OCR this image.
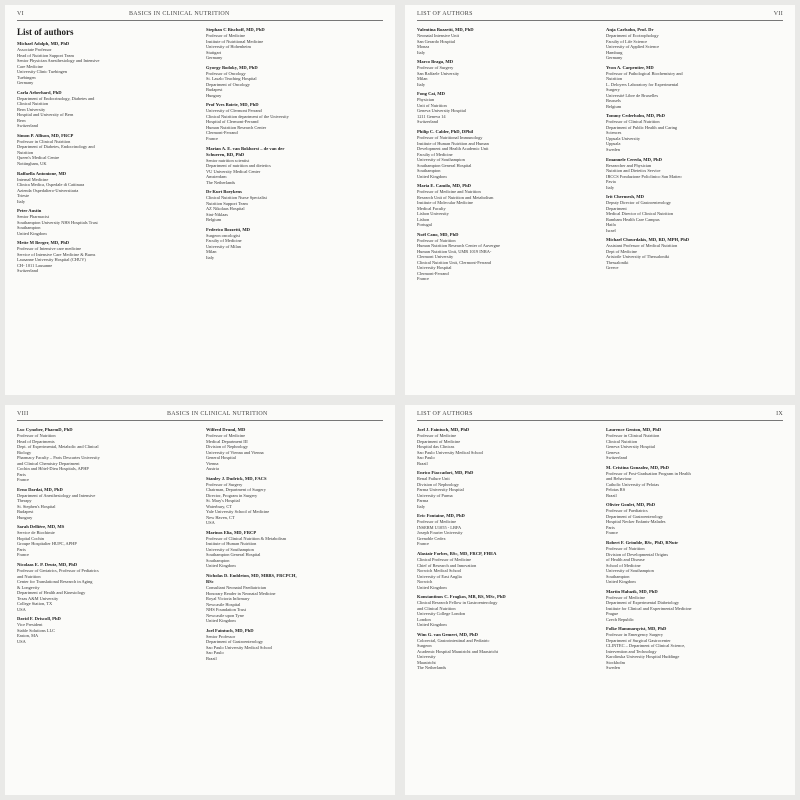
VI	BASICS IN CLINICAL NUTRITION
List of authors
Michael Adolph, MD, PhD
Associate Professor
Head of Nutrition Support Team
Senior Physician Anesthesiology and Intensive
Care Medicine
University Clinic Tuebingen
Tuebingen
Germany
Carla Aeberhard, PhD
Department of Endocrinology, Diabetes and
Clinical Nutrition
Bern University
Hospital and University of Bern
Bern
Switzerland
Simon P. Allison, MD, FRCP
Professor in Clinical Nutrition
Department of Diabetes, Endocrinology and
Nutrition
Queen's Medical Centre
Nottingham, UK
Raffaella Antonione, MD
Internal Medicine
Clinica Medica, Ospedale di Cattinara
Azienda Ospedaliero-Universitaria
Trieste
Italy
Peter Austin
Senior Pharmacist
Southampton University NHS Hospitals Trust
Southampton
United Kingdom
Mette M Berger, MD, PhD
Professor of Intensive care medicine
Service of Intensive Care Medicine & Burns
Lausanne University Hospital (CHUV)
CH- 1011 Lausanne
Switzerland
Stephan C Bischoff, MD, PhD
Professor of Medicine
Institute of Nutritional Medicine
University of Hohenheim
Stuttgart
Germany
Gyorgy Bodoky, MD, PhD
Professor of Oncology
St. Laszlo Teaching Hospital
Department of Oncology
Budapest
Hungary
Prof Yves Boirie, MD, PhD
University of Clermont Ferrand
Clinical Nutrition department of the University
Hospital of Clermont-Ferrand
Human Nutrition Research Center
Clermont-Ferrand
France
Marian A. E. van Bokhorst – de van der
Schueren, RD, PhD
Senior nutrition scientist
Department of nutrition and dietetics
VU University Medical Center
Amsterdam
The Netherlands
Dr Kurt Boeykens
Clinical Nutrition Nurse Specialist
Nutrition Support Team
AZ Nikolaas Hospital
Sint-Niklaas
Belgium
Federico Bozzetti, MD
Surgeon oncologist
Faculty of Medicine
University of Milan
Milan
Italy
LIST OF AUTHORS	VII
Valentina Bozzetti, MD, PhD
Neonatal Intensive Unit
San Gerardo Hospital
Monza
Italy
Marco Braga, MD
Professor of Surgery
San Raffaele University
Milan
Italy
Fong Cai, MD
Physician
Unit of Nutrition
Geneva University Hospital
1211 Geneva 14
Switzerland
Philip C. Calder, PhD, DPhil
Professor of Nutritional Immunology
Institute of Human Nutrition and Human
Development and Health Academic Unit
Faculty of Medicine
University of Southampton
Southampton General Hospital
Southampton
United Kingdom
Maria E. Camilo, MD, PhD
Professor of Medicine and Nutrition
Research Unit of Nutrition and Metabolism
Institute of Molecular Medicine
Medical Faculty
Lisbon University
Lisbon
Portugal
Noël Cano, MD, PhD
Professor of Nutrition
Human Nutrition Research Center of Auvergne
Human Nutrition Unit, UMR 1019 INRA-
Clermont University
Clinical Nutrition Unit, Clermont-Ferrand
University Hospital
Clermont-Ferrand
France
Anja Carlsohn, Prof. Dr
Department of Ecotrophology
Faculty of Life Science
University of Applied Science
Hamburg
Germany
Yvon A. Carpentier, MD
Professor of Pathological Biochemistry and
Nutrition
L. Deloyers Laboratory for Experimental
Surgery
Université Libre de Bruxelles
Brussels
Belgium
Tommy Cederholm, MD, PhD
Professor of Clinical Nutrition
Department of Public Health and Caring
Sciences
Uppsala University
Uppsala
Sweden
Emanuele Cereda, MD, PhD
Researcher and Physician
Nutrition and Dietetics Service
IRCCS Fondazione Policlinico San Matteo
Pavia
Italy
Irit Chermesh, MD
Deputy Director of Gastroenterology
Department
Medical Director of Clinical Nutrition
Rambam Health Care Campus
Haifa
Israel
Michael Chourdakis, MD, RD, MPH, PhD
Assistant Professor of Medical Nutrition
Dept of Medicine
Aristotle University of Thessaloniki
Thessaloniki
Greece
VIII	BASICS IN CLINICAL NUTRITION
Luc Cynober, PharmD, PhD
Professor of Nutrition
Head of Departments
Dept. of Experimental, Metabolic and Clinical
Biology
Pharmacy Faculty – Paris Descartes University
and Clinical Chemistry Department
Cochin and Hôtel-Dieu Hospitals, APHP
Paris
France
Erno Dardai, MD, PhD
Department of Anesthesiology and Intensive
Therapy
St. Stephen's Hospital
Budapest
Hungary
Sarah Dellière, MD, MS
Service de Biochimie
Hopital Cochin
Groupe Hospitalier HUPC, APHP
Paris
France
Nicolaas E. P. Deutz, MD, PhD
Professor of Geriatrics, Professor of Pediatrics
and Nutrition
Center for Translational Research in Aging
& Longevity
Department of Health and Kinesiology
Texas A&M University
College Station, TX
USA
David F. Driscoll, PhD
Vice President
Stable Solutions LLC
Easton, MA
USA
Wilfred Druml, MD
Professor of Medicine
Medical Department III
Division of Nephrology
University of Vienna and Vienna
General Hospital
Vienna
Austria
Stanley J. Dudrick, MD, FACS
Professor of Surgery
Chairman, Department of Surgery
Director, Program in Surgery
St. Mary's Hospital
Waterbury, CT
Yale University School of Medicine
New Haven, CT
USA
Marinos Elia, MD, FRCP
Professor of Clinical Nutrition & Metabolism
Institute of Human Nutrition
University of Southampton
Southampton General Hospital
Southampton
United Kingdom
Nicholas D. Embleton, MD, MBBS, FRCPCH,
BSc
Consultant Neonatal Paediatrician
Honorary Reader in Neonatal Medicine
Royal Victoria Infirmary
Newcastle Hospital
NHS Foundation Trust
Newcastle upon Tyne
United Kingdom
Joel Faintuch, MD, PhD
Senior Professor
Department of Gastroenterology
Sao Paulo University Medical School
Sao Paulo
Brazil
LIST OF AUTHORS	IX
Joel J. Faintuch, MD, PhD
Professor of Medicine
Department of Medicine
Hospital das Clinicas
Sao Paulo University Medical School
Sao Paulo
Brazil
Enrico Fiaccadori, MD, PhD
Renal Failure Unit
Division of Nephrology
Parma University Hospital
University of Parma
Parma
Italy
Eric Fontaine, MD, PhD
Professor of Medicine
INSERM U1055 - LBFA
Joseph Fourier University
Grenoble Cedex
France
Alastair Forbes, BSc, MD, FRCP, FHEA
Clinical Professor of Medicine
Chief of Research and Innovation
Norwich Medical School
University of East Anglia
Norwich
United Kingdom
Konstantinos C. Fragkos, MB, BS, MSc, PhD
Clinical Research Fellow in Gastroenterology
and Clinical Nutrition
University College London
London
United Kingdom
Wim G. van Gemert, MD, PhD
Colorectal, Gastrointestinal and Pediatric
Surgeon
Academic Hospital Maastricht and Maastricht
University
Maastricht
The Netherlands
Laurence Genton, MD, PhD
Professor in Clinical Nutrition
Clinical Nutrition
Geneva University Hospital
Geneva
Switzerland
M. Cristina Gonzalez, MD, PhD
Professor of Post-Graduation Program in Health
and Behaviour
Catholic University of Pelotas
Pelotas RS
Brazil
Olivier Goulet, MD, PhD
Professor of Paediatrics
Department of Gastroenterology
Hospital Necker Enfants-Malades
Paris
France
Robert F. Grimble, BSc, PhD, RNutr
Professor of Nutrition
Division of Developmental Origins
of Health and Disease
School of Medicine
University of Southampton
Southampton
United Kingdom
Martin Haluzik, MD, PhD
Professor of Medicine
Department of Experimental Diabetology
Institute for Clinical and Experimental Medicine
Prague
Czech Republic
Folke Hammarqvist, MD, PhD
Professor in Emergency Surgery
Department of Surgical Gastrocenter
CLINTEC – Department of Clinical Science,
Intervention and Technology
Karolinska University Hospital Huddinge
Stockholm
Sweden
